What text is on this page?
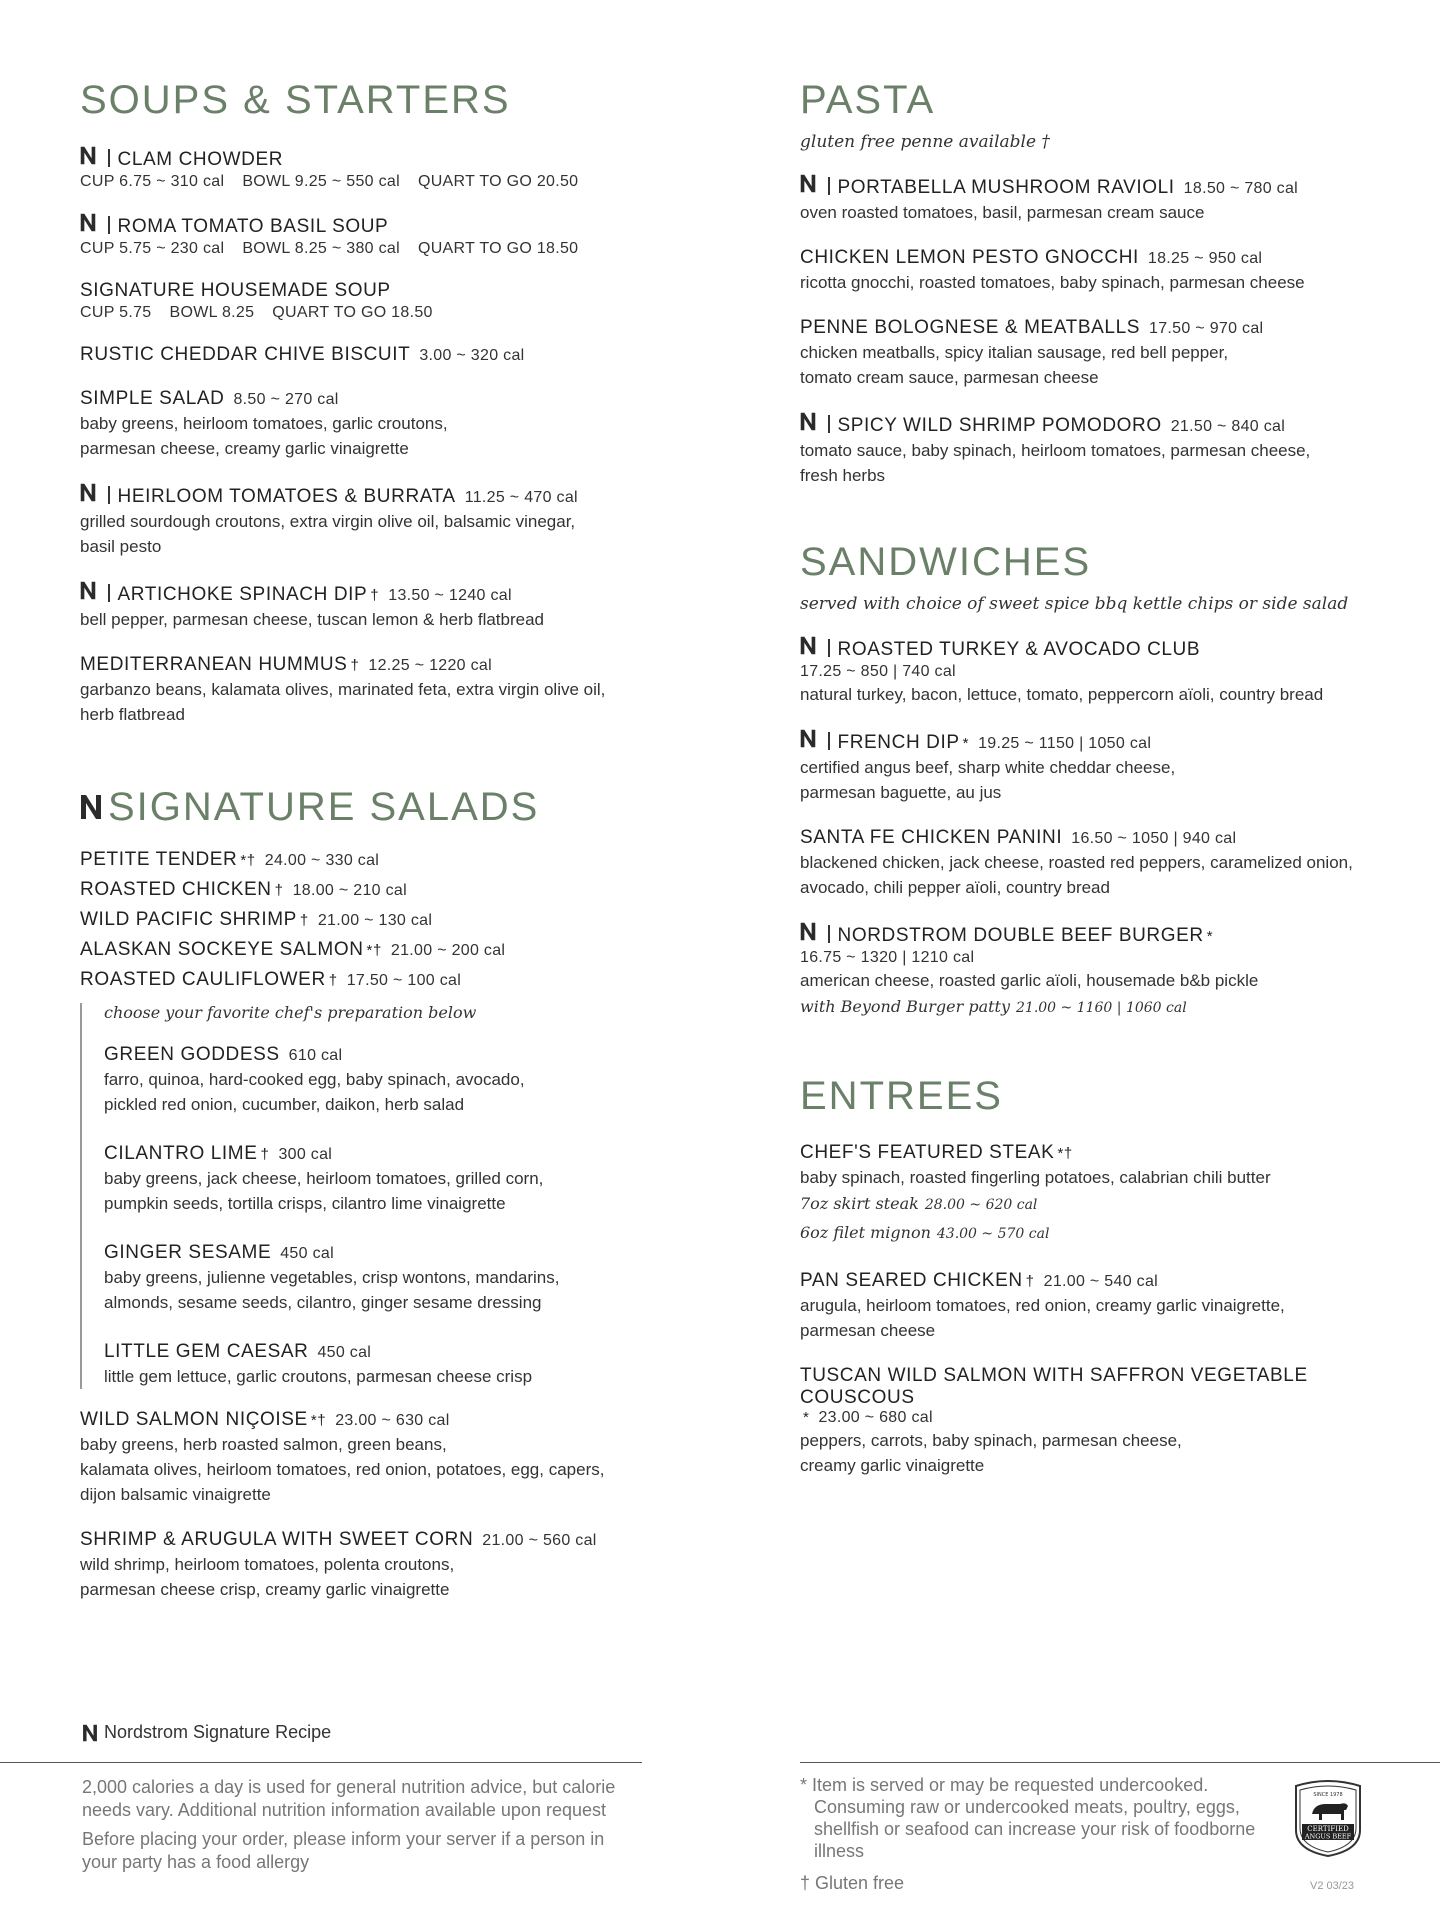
SOUPS & STARTERS
CLAM CHOWDER
CUP 6.75 ~ 310 cal BOWL 9.25 ~ 550 cal QUART TO GO 20.50
ROMA TOMATO BASIL SOUP
CUP 5.75 ~ 230 cal BOWL 8.25 ~ 380 cal QUART TO GO 18.50
SIGNATURE HOUSEMADE SOUP
CUP 5.75 BOWL 8.25 QUART TO GO 18.50
RUSTIC CHEDDAR CHIVE BISCUIT 3.00 ~ 320 cal
SIMPLE SALAD 8.50 ~ 270 cal
baby greens, heirloom tomatoes, garlic croutons,
parmesan cheese, creamy garlic vinaigrette
HEIRLOOM TOMATOES & BURRATA 11.25 ~ 470 cal
grilled sourdough croutons, extra virgin olive oil, balsamic vinegar,
basil pesto
ARTICHOKE SPINACH DIP † 13.50 ~ 1240 cal
bell pepper, parmesan cheese, tuscan lemon & herb flatbread
MEDITERRANEAN HUMMUS † 12.25 ~ 1220 cal
garbanzo beans, kalamata olives, marinated feta, extra virgin olive oil,
herb flatbread
SIGNATURE SALADS
PETITE TENDER *† 24.00 ~ 330 cal
ROASTED CHICKEN † 18.00 ~ 210 cal
WILD PACIFIC SHRIMP † 21.00 ~ 130 cal
ALASKAN SOCKEYE SALMON *† 21.00 ~ 200 cal
ROASTED CAULIFLOWER † 17.50 ~ 100 cal
choose your favorite chef's preparation below
GREEN GODDESS 610 cal
farro, quinoa, hard-cooked egg, baby spinach, avocado,
pickled red onion, cucumber, daikon, herb salad
CILANTRO LIME † 300 cal
baby greens, jack cheese, heirloom tomatoes, grilled corn,
pumpkin seeds, tortilla crisps, cilantro lime vinaigrette
GINGER SESAME 450 cal
baby greens, julienne vegetables, crisp wontons, mandarins,
almonds, sesame seeds, cilantro, ginger sesame dressing
LITTLE GEM CAESAR 450 cal
little gem lettuce, garlic croutons, parmesan cheese crisp
WILD SALMON NIÇOISE *† 23.00 ~ 630 cal
baby greens, herb roasted salmon, green beans,
kalamata olives, heirloom tomatoes, red onion, potatoes, egg, capers,
dijon balsamic vinaigrette
SHRIMP & ARUGULA WITH SWEET CORN 21.00 ~ 560 cal
wild shrimp, heirloom tomatoes, polenta croutons,
parmesan cheese crisp, creamy garlic vinaigrette
PASTA
gluten free penne available †
PORTABELLA MUSHROOM RAVIOLI 18.50 ~ 780 cal
oven roasted tomatoes, basil, parmesan cream sauce
CHICKEN LEMON PESTO GNOCCHI 18.25 ~ 950 cal
ricotta gnocchi, roasted tomatoes, baby spinach, parmesan cheese
PENNE BOLOGNESE & MEATBALLS 17.50 ~ 970 cal
chicken meatballs, spicy italian sausage, red bell pepper,
tomato cream sauce, parmesan cheese
SPICY WILD SHRIMP POMODORO 21.50 ~ 840 cal
tomato sauce, baby spinach, heirloom tomatoes, parmesan cheese,
fresh herbs
SANDWICHES
served with choice of sweet spice bbq kettle chips or side salad
ROASTED TURKEY & AVOCADO CLUB
17.25 ~ 850 | 740 cal
natural turkey, bacon, lettuce, tomato, peppercorn aïoli, country bread
FRENCH DIP * 19.25 ~ 1150 | 1050 cal
certified angus beef, sharp white cheddar cheese,
parmesan baguette, au jus
SANTA FE CHICKEN PANINI 16.50 ~ 1050 | 940 cal
blackened chicken, jack cheese, roasted red peppers, caramelized onion,
avocado, chili pepper aïoli, country bread
NORDSTROM DOUBLE BEEF BURGER *
16.75 ~ 1320 | 1210 cal
american cheese, roasted garlic aïoli, housemade b&b pickle
with Beyond Burger patty 21.00 ~ 1160 | 1060 cal
ENTREES
CHEF'S FEATURED STEAK *†
baby spinach, roasted fingerling potatoes, calabrian chili butter
7oz skirt steak 28.00 ~ 620 cal
6oz filet mignon 43.00 ~ 570 cal
PAN SEARED CHICKEN † 21.00 ~ 540 cal
arugula, heirloom tomatoes, red onion, creamy garlic vinaigrette,
parmesan cheese
TUSCAN WILD SALMON WITH SAFFRON VEGETABLE COUSCOUS
* 23.00 ~ 680 cal
peppers, carrots, baby spinach, parmesan cheese,
creamy garlic vinaigrette
Nordstrom Signature Recipe

2,000 calories a day is used for general nutrition advice, but calorie needs vary. Additional nutrition information available upon request

Before placing your order, please inform your server if a person in your party has a food allergy

* Item is served or may be requested undercooked.
Consuming raw or undercooked meats, poultry, eggs, shellfish or seafood can increase your risk of foodborne illness
† Gluten free
SINCE 1978
CERTIFIED
ANGUS BEEF
V2 03/23
